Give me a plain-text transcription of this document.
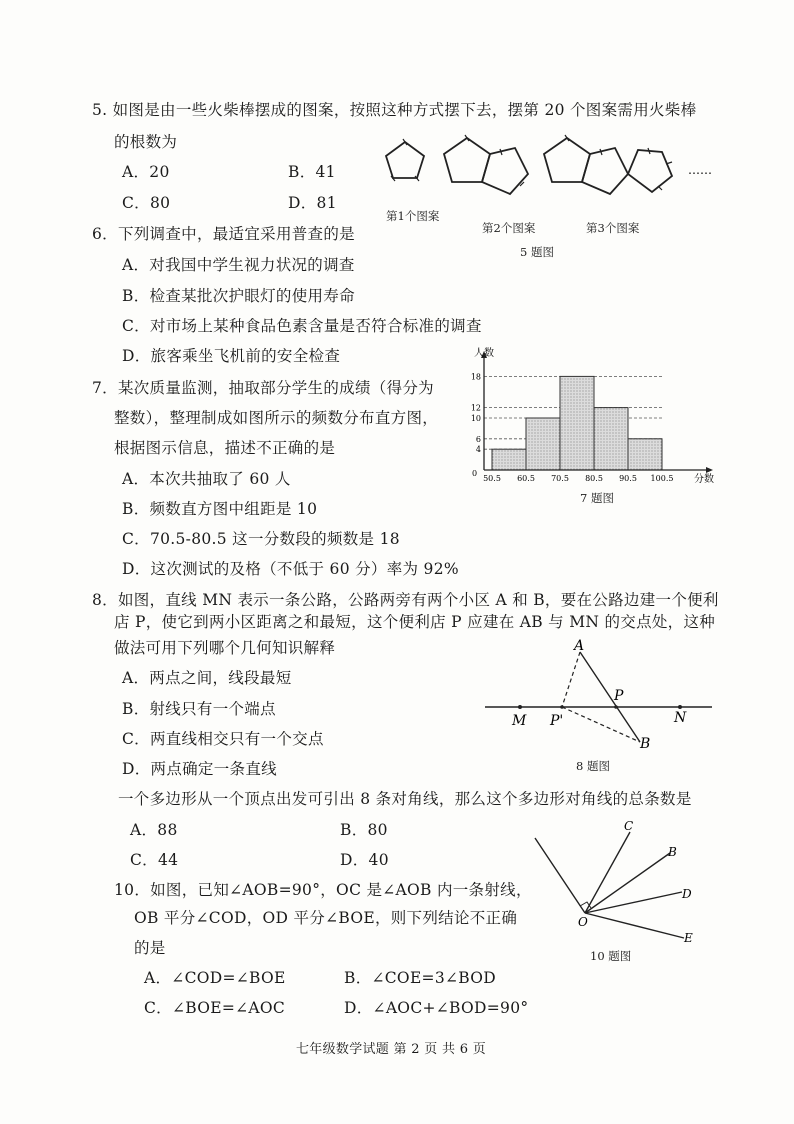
5. 如图是由一些火柴棒摆成的图案，按照这种方式摆下去，摆第 20 个图案需用火柴棒
的根数为
A．20	B．41
C．80	D．81
……
第1个图案
第2个图案	第3个图案
5 题图
6．下列调查中，最适宜采用普查的是
A．对我国中学生视力状况的调查
B．检查某批次护眼灯的使用寿命
C．对市场上某种食品色素含量是否符合标准的调查
D．旅客乘坐飞机前的安全检查
7．某次质量监测，抽取部分学生的成绩（得分为
整数），整理制成如图所示的频数分布直方图，
根据图示信息，描述不正确的是
A．本次共抽取了 60 人
B．频数直方图中组距是 10
C．70.5-80.5 这一分数段的频数是 18
D．这次测试的及格（不低于 60 分）率为 92%
人数
分数
4
6
10
12
18
50.5 60.5 70.5 80.5 90.5 100.5
0
7 题图
8．如图，直线 MN 表示一条公路，公路两旁有两个小区 A 和 B，要在公路边建一个便利
店 P，使它到两小区距离之和最短，这个便利店 P 应建在 AB 与 MN 的交点处，这种
做法可用下列哪个几何知识解释
A．两点之间，线段最短
B．射线只有一个端点
C．两直线相交只有一个交点
D．两点确定一条直线
A
P
M P'	N
B
8 题图
一个多边形从一个顶点出发可引出 8 条对角线，那么这个多边形对角线的总条数是
A．88	B．80
C．44	D．40
10．如图，已知∠AOB=90°，OC 是∠AOB 内一条射线，
OB 平分∠COD，OD 平分∠BOE，则下列结论不正确
的是
A．∠COD=∠BOE	B．∠COE=3∠BOD
C．∠BOE=∠AOC	D．∠AOC+∠BOD=90°
C
B
D
E
O
10 题图
七年级数学试题 第 2 页 共 6 页
